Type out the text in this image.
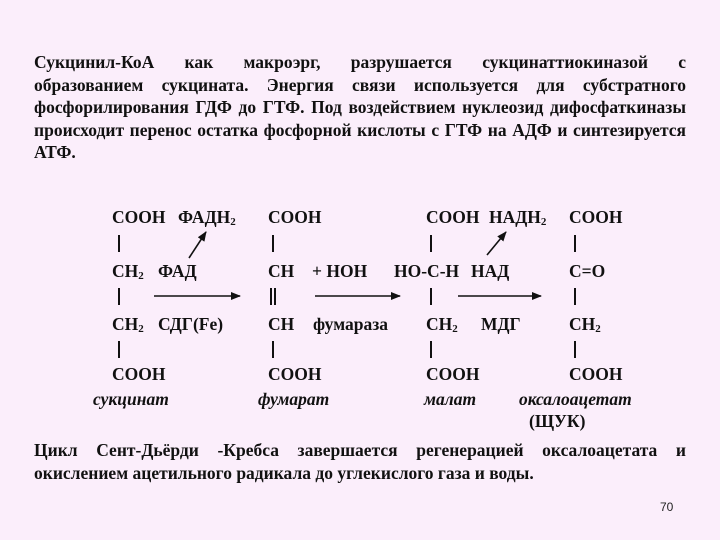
Сукцинил-КоА как макроэрг, разрушается сукцинаттиокиназой с
образованием сукцината. Энергия связи используется для субстратного
фосфорилирования ГДФ до ГТФ. Под воздействием нуклеозид дифосфаткиназы
происходит перенос остатка фосфорной кислоты с ГТФ на АДФ и синтезируется
АТФ.
СООН
$СН_2$
$СН_2$
СООН
сукцинат
$ФАДН_2$
ФАД
СДГ(Fe)
СООН
СН
СН
СООН
фумарат
+ НОН
фумараза
СООН
НО-С-Н
$СН_2$
СООН
малат
$НАДН_2$
НАД
МДГ
СООН
С=О
$СН_2$
СООН
оксалоацетат
(ЩУК)
Цикл Сент-Дьёрди -Кребса завершается регенерацией оксалоацетата и
окислением ацетильного радикала до углекислого газа и воды.
70
